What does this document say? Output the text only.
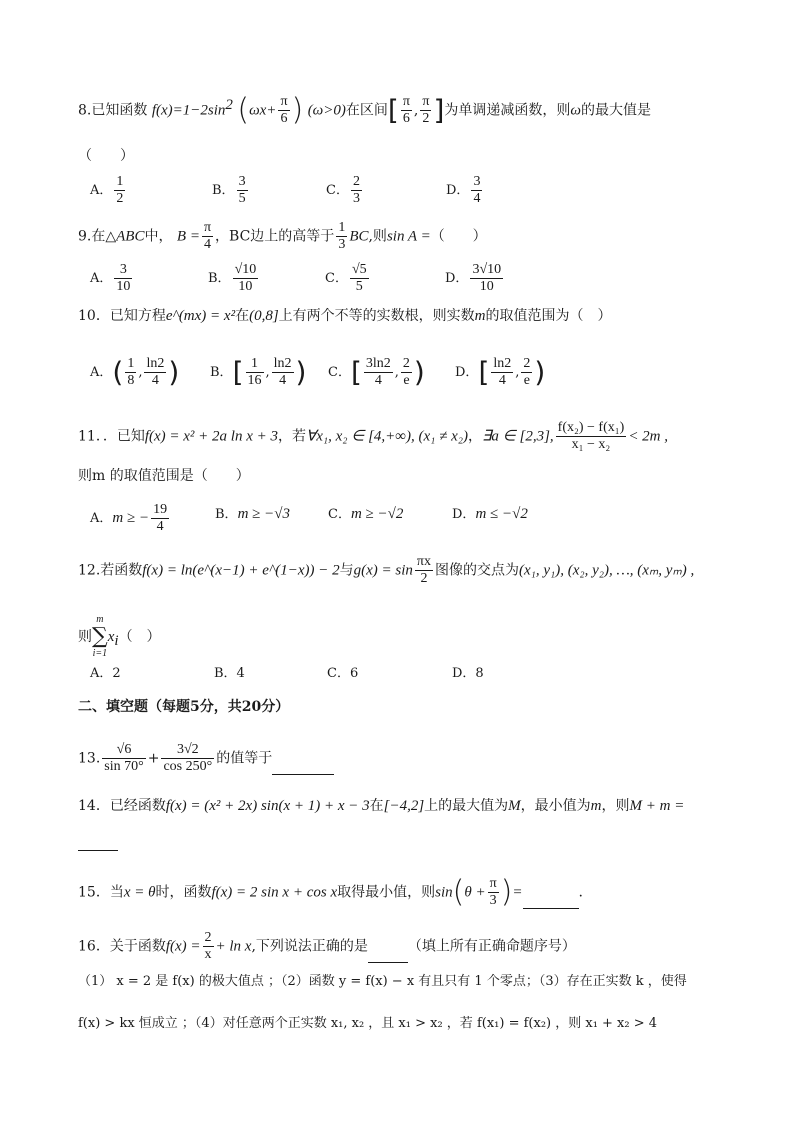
8.已知函数 $f(x)=1-2\sin^2$ ($\omega x+ \frac{\pi}{6}$ ) (ω>0)在区间[ $\frac{\pi}{6}$ , $\frac{\pi}{2}$ ]为单调递减函数，则ω的最大值是
（　　）
A． $\frac{1}{2}$	B． $\frac{3}{5}$	C． $\frac{2}{3}$	D． $\frac{3}{4}$
9.在△ABC中， $B = \frac{\pi}{4}$ ，BC边上的高等于 $\frac{1}{3}$ BC,则sin A =（　　）
A． $\frac{3}{10}$	B． $\frac{√10}{10}$	C． $\frac{√5}{5}$	D． $\frac{3√10}{10}$
10．已知方程e^(mx) = x²在(0,8]上有两个不等的实数根，则实数m的取值范围为（　）
A．( $\frac{1}{8}$ , $\frac{\ln 2}{4}$ ) B．[ $\frac{1}{16}$ , $\frac{\ln 2}{4}$ ) C．[ $\frac{3\ln 2}{4}$ , $\frac{2}{e}$ ) D．[ $\frac{\ln 2}{4}$ , $\frac{2}{e}$ )
11．．已知f(x) = x² + 2a ln x + 3，若∀x₁, x₂ ∈ [4,+∞), (x₁ ≠ x₂)，∃a ∈ [2,3], $\frac{\text{f(x₂) − f(x₁)}}{\text{x₁ − x₂}} < 2m$ ,
则m 的取值范围是（　　）
A．m ≥ − $\frac{19}{4}$	B．m ≥ −√3	C．m ≥ −√2	D．m ≤ −√2
12.若函数f(x) = ln(e^(x−1) + e^(1−x)) − 2与$g(x) = \sin \frac{\pi x}{2}$ 图像的交点为(x₁, y₁), (x₂, y₂), …, (xₘ, yₘ) ,
则
m
∑
i=1
$x_i$（　）
A．2	B．4	C．6	D．8
二、填空题（每题5分，共20分）
13. $\frac{√6}{\sin 70^\circ} + \frac{3√2}{\cos 250^\circ}$ 的值等于
14．已经函数f(x) = (x² + 2x) sin(x + 1) + x − 3在[−4,2]上的最大值为M，最小值为m，则M + m =
15．当x = θ时，函数f(x) = 2 sin x + cos x取得最小值，则$\sin(\theta + \frac{\pi}{3}$ )=	.
16．关于函数$f(x) = \frac{2}{x} + \ln x$,下列说法正确的是	（填上所有正确命题序号）
（1） x = 2 是 f(x) 的极大值点 ；（2）函数 y = f(x) − x 有且只有 1 个零点；（3）存在正实数 k ，使得
f(x) > kx 恒成立 ；（4）对任意两个正实数 x₁, x₂ ，且 x₁ > x₂ ，若 f(x₁) = f(x₂) ，则 x₁ + x₂ > 4
